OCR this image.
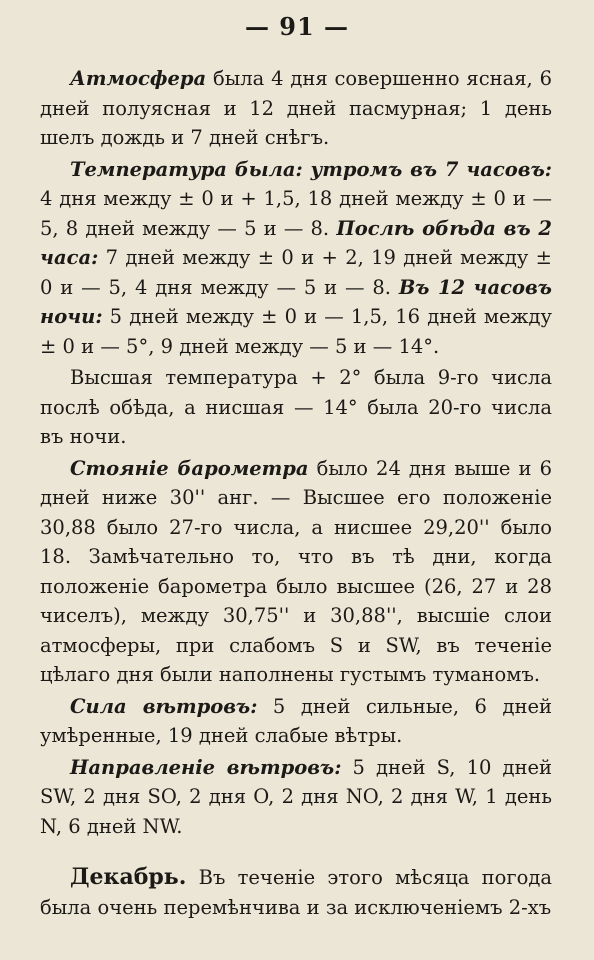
— 91 —

Атмосфера была 4 дня совершенно ясная, 6 дней полуясная и 12 дней пасмурная; 1 день шелъ дождь и 7 дней снѣгъ.

Температура была: утромъ въ 7 часовъ: 4 дня между ± 0 и + 1,5, 18 дней между ± 0 и — 5, 8 дней между — 5 и — 8. Послѣ обѣда въ 2 часа: 7 дней между ± 0 и + 2, 19 дней между ± 0 и — 5, 4 дня между — 5 и — 8. Въ 12 часовъ ночи: 5 дней между ± 0 и — 1,5, 16 дней между ± 0 и — 5°, 9 дней между — 5 и — 14°.

Высшая температура + 2° была 9-го числа послѣ обѣда, а нисшая — 14° была 20-го числа въ ночи.

Стояніе барометра было 24 дня выше и 6 дней ниже 30'' анг. — Высшее его положеніе 30,88 было 27-го числа, а нисшее 29,20'' было 18. Замѣчательно то, что въ тѣ дни, когда положеніе барометра было высшее (26, 27 и 28 чиселъ), между 30,75'' и 30,88'', высшіе слои атмосферы, при слабомъ S и SW, въ теченіе цѣлаго дня были наполнены густымъ туманомъ.

Сила вѣтровъ: 5 дней сильные, 6 дней умѣренные, 19 дней слабые вѣтры.

Направленіе вѣтровъ: 5 дней S, 10 дней SW, 2 дня SO, 2 дня O, 2 дня NO, 2 дня W, 1 день N, 6 дней NW.

Декабрь. Въ теченіе этого мѣсяца погода была очень перемѣнчива и за исключеніемъ 2-хъ
